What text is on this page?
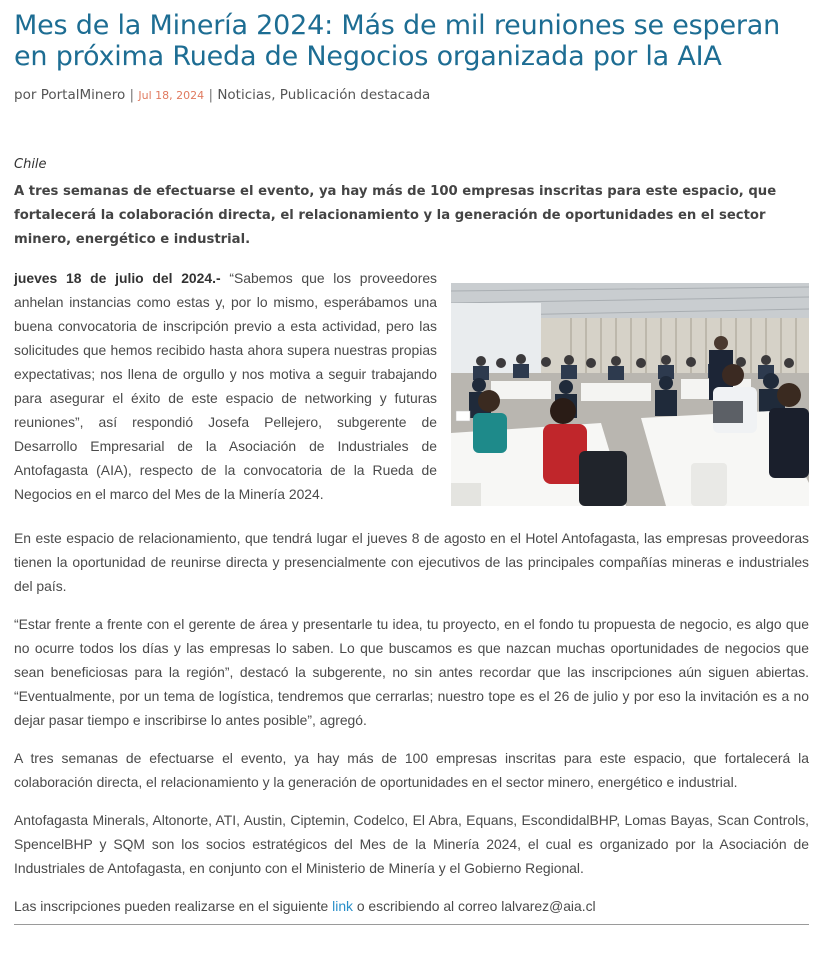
Mes de la Minería 2024: Más de mil reuniones se esperan en próxima Rueda de Negocios organizada por la AIA
por PortalMinero | Jul 18, 2024 | Noticias, Publicación destacada
Chile
A tres semanas de efectuarse el evento, ya hay más de 100 empresas inscritas para este espacio, que fortalecerá la colaboración directa, el relacionamiento y la generación de oportunidades en el sector minero, energético e industrial.
jueves 18 de julio del 2024.- “Sabemos que los proveedores anhelan instancias como estas y, por lo mismo, esperábamos una buena convocatoria de inscripción previo a esta actividad, pero las solicitudes que hemos recibido hasta ahora supera nuestras propias expectativas; nos llena de orgullo y nos motiva a seguir trabajando para asegurar el éxito de este espacio de networking y futuras reuniones”, así respondió Josefa Pellejero, subgerente de Desarrollo Empresarial de la Asociación de Industriales de Antofagasta (AIA), respecto de la convocatoria de la Rueda de Negocios en el marco del Mes de la Minería 2024.
En este espacio de relacionamiento, que tendrá lugar el jueves 8 de agosto en el Hotel Antofagasta, las empresas proveedoras tienen la oportunidad de reunirse directa y presencialmente con ejecutivos de las principales compañías mineras e industriales del país.
“Estar frente a frente con el gerente de área y presentarle tu idea, tu proyecto, en el fondo tu propuesta de negocio, es algo que no ocurre todos los días y las empresas lo saben. Lo que buscamos es que nazcan muchas oportunidades de negocios que sean beneficiosas para la región”, destacó la subgerente, no sin antes recordar que las inscripciones aún siguen abiertas. “Eventualmente, por un tema de logística, tendremos que cerrarlas; nuestro tope es el 26 de julio y por eso la invitación es a no dejar pasar tiempo e inscribirse lo antes posible”, agregó.
A tres semanas de efectuarse el evento, ya hay más de 100 empresas inscritas para este espacio, que fortalecerá la colaboración directa, el relacionamiento y la generación de oportunidades en el sector minero, energético e industrial.
Antofagasta Minerals, Altonorte, ATI, Austin, Ciptemin, Codelco, El Abra, Equans, EscondidalBHP, Lomas Bayas, Scan Controls, SpencelBHP y SQM son los socios estratégicos del Mes de la Minería 2024, el cual es organizado por la Asociación de Industriales de Antofagasta, en conjunto con el Ministerio de Minería y el Gobierno Regional.
Las inscripciones pueden realizarse en el siguiente link o escribiendo al correo lalvarez@aia.cl
